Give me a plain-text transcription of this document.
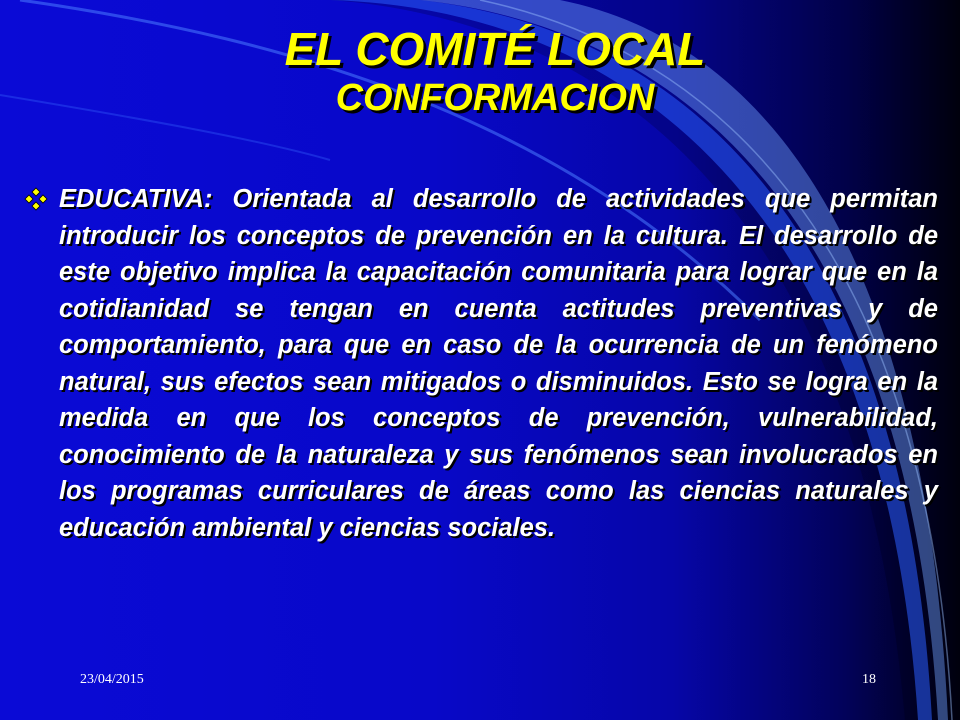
EL COMITÉ LOCAL
CONFORMACION
EDUCATIVA: Orientada al desarrollo de actividades que permitan introducir los conceptos de prevención en la cultura. El desarrollo de este objetivo implica la capacitación comunitaria para lograr que en la cotidianidad se tengan en cuenta actitudes preventivas y de comportamiento, para que en caso de la ocurrencia de un fenómeno natural, sus efectos sean mitigados o disminuidos. Esto se logra en la medida en que los conceptos de prevención, vulnerabilidad, conocimiento de la naturaleza y sus fenómenos sean involucrados en los programas curriculares de áreas como las ciencias naturales y educación ambiental y ciencias sociales.
23/04/2015	18
